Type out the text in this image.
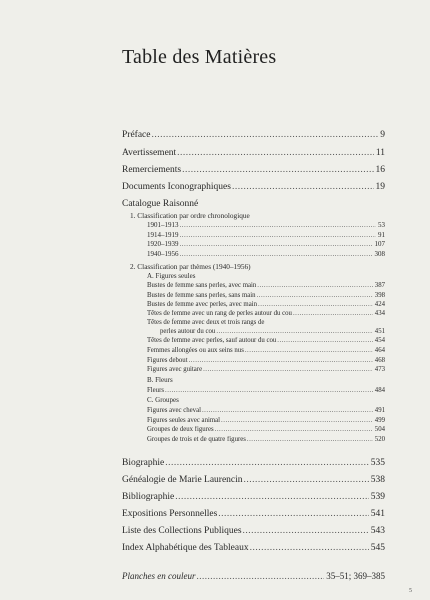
Table des Matières
Préface .....	9
Avertissement .....	11
Remerciements .....	16
Documents Iconographiques .....	19
Catalogue Raisonné
1. Classification par ordre chronologique
1901–1913 .....	53
1914–1919 .....	91
1920–1939 .....	107
1940–1956 .....	308
2. Classification par thèmes (1940–1956)
A. Figures seules
Bustes de femme sans perles, avec main .....	387
Bustes de femme sans perles, sans main .....	398
Bustes de femme avec perles, avec main .....	424
Têtes de femme avec un rang de perles autour du cou .....	434
Têtes de femme avec deux et trois rangs de
perles autour du cou .....	451
Têtes de femme avec perles, sauf autour du cou .....	454
Femmes allongées ou aux seins nus .....	464
Figures debout .....	468
Figures avec guitare .....	473
B. Fleurs
Fleurs .....	484
C. Groupes
Figures avec cheval .....	491
Figures seules avec animal .....	499
Groupes de deux figures .....	504
Groupes de trois et de quatre figures .....	520
Biographie .....	535
Généalogie de Marie Laurencin .....	538
Bibliographie .....	539
Expositions Personnelles .....	541
Liste des Collections Publiques .....	543
Index Alphabétique des Tableaux .....	545
Planches en couleur .....	35–51; 369–385
5
